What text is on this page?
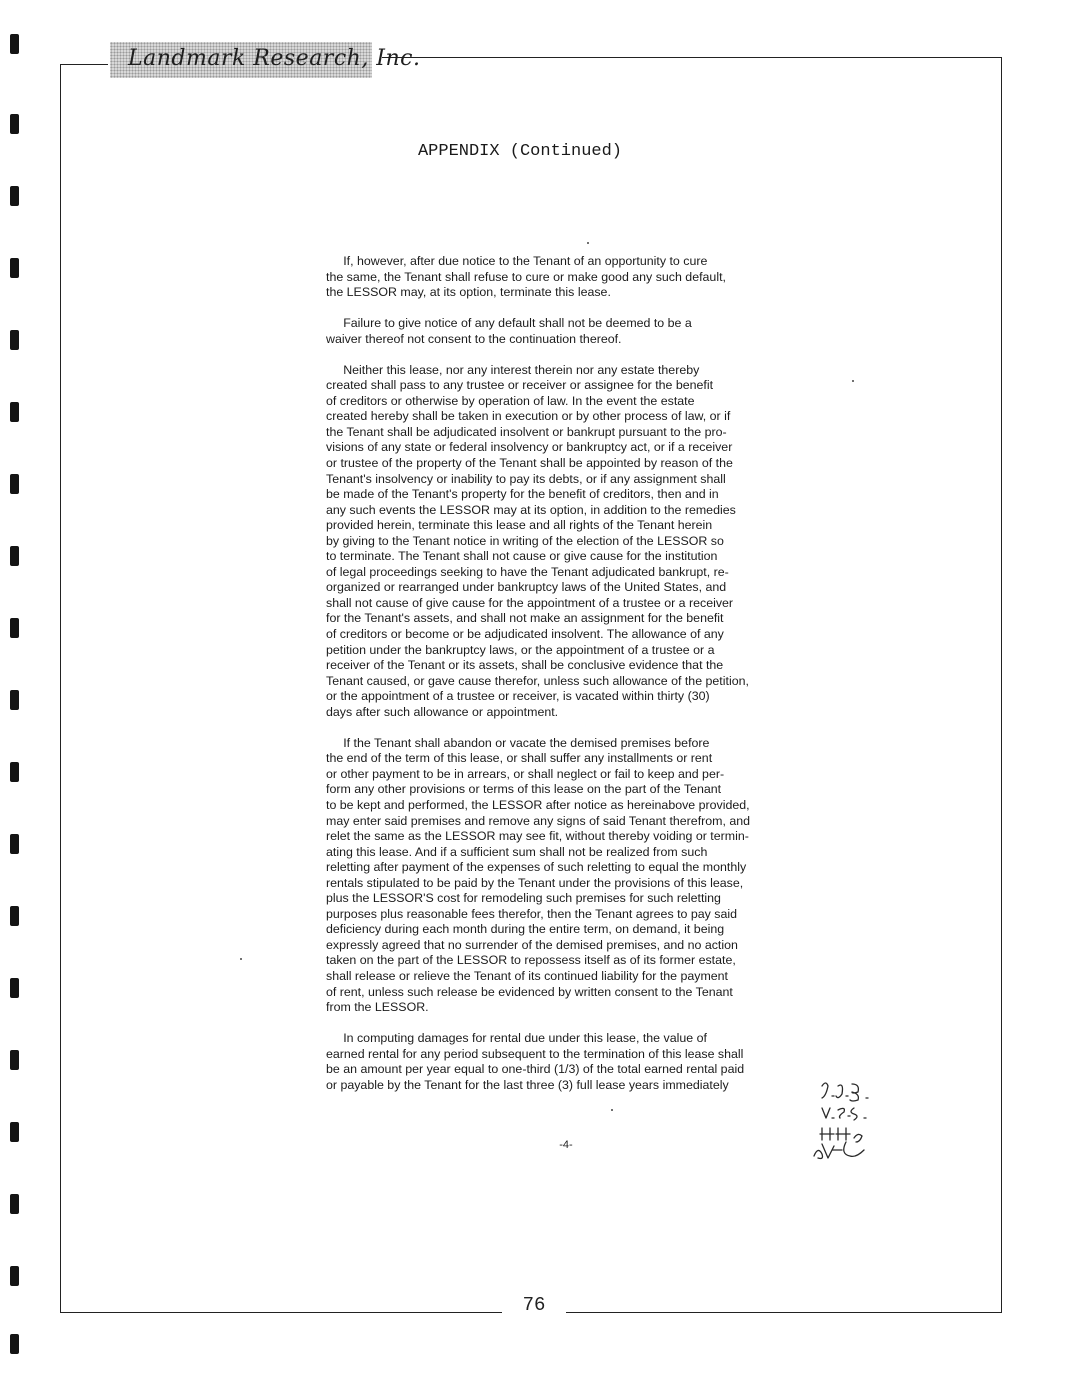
Landmark Research, Inc.
APPENDIX (Continued)
If, however, after due notice to the Tenant of an opportunity to cure
the same, the Tenant shall refuse to cure or make good any such default,
the LESSOR may, at its option, terminate this lease.
Failure to give notice of any default shall not be deemed to be a
waiver thereof not consent to the continuation thereof.
Neither this lease, nor any interest therein nor any estate thereby
created shall pass to any trustee or receiver or assignee for the benefit
of creditors or otherwise by operation of law. In the event the estate
created hereby shall be taken in execution or by other process of law, or if
the Tenant shall be adjudicated insolvent or bankrupt pursuant to the pro-
visions of any state or federal insolvency or bankruptcy act, or if a receiver
or trustee of the property of the Tenant shall be appointed by reason of the
Tenant's insolvency or inability to pay its debts, or if any assignment shall
be made of the Tenant's property for the benefit of creditors, then and in
any such events the LESSOR may at its option, in addition to the remedies
provided herein, terminate this lease and all rights of the Tenant herein
by giving to the Tenant notice in writing of the election of the LESSOR so
to terminate. The Tenant shall not cause or give cause for the institution
of legal proceedings seeking to have the Tenant adjudicated bankrupt, re-
organized or rearranged under bankruptcy laws of the United States, and
shall not cause of give cause for the appointment of a trustee or a receiver
for the Tenant's assets, and shall not make an assignment for the benefit
of creditors or become or be adjudicated insolvent. The allowance of any
petition under the bankruptcy laws, or the appointment of a trustee or a
receiver of the Tenant or its assets, shall be conclusive evidence that the
Tenant caused, or gave cause therefor, unless such allowance of the petition,
or the appointment of a trustee or receiver, is vacated within thirty (30)
days after such allowance or appointment.
If the Tenant shall abandon or vacate the demised premises before
the end of the term of this lease, or shall suffer any installments or rent
or other payment to be in arrears, or shall neglect or fail to keep and per-
form any other provisions or terms of this lease on the part of the Tenant
to be kept and performed, the LESSOR after notice as hereinabove provided,
may enter said premises and remove any signs of said Tenant therefrom, and
relet the same as the LESSOR may see fit, without thereby voiding or termin-
ating this lease. And if a sufficient sum shall not be realized from such
reletting after payment of the expenses of such reletting to equal the monthly
rentals stipulated to be paid by the Tenant under the provisions of this lease,
plus the LESSOR'S cost for remodeling such premises for such reletting
purposes plus reasonable fees therefor, then the Tenant agrees to pay said
deficiency during each month during the entire term, on demand, it being
expressly agreed that no surrender of the demised premises, and no action
taken on the part of the LESSOR to repossess itself as of its former estate,
shall release or relieve the Tenant of its continued liability for the payment
of rent, unless such release be evidenced by written consent to the Tenant
from the LESSOR.
In computing damages for rental due under this lease, the value of
earned rental for any period subsequent to the termination of this lease shall
be an amount per year equal to one-third (1/3) of the total earned rental paid
or payable by the Tenant for the last three (3) full lease years immediately
-4-
76
